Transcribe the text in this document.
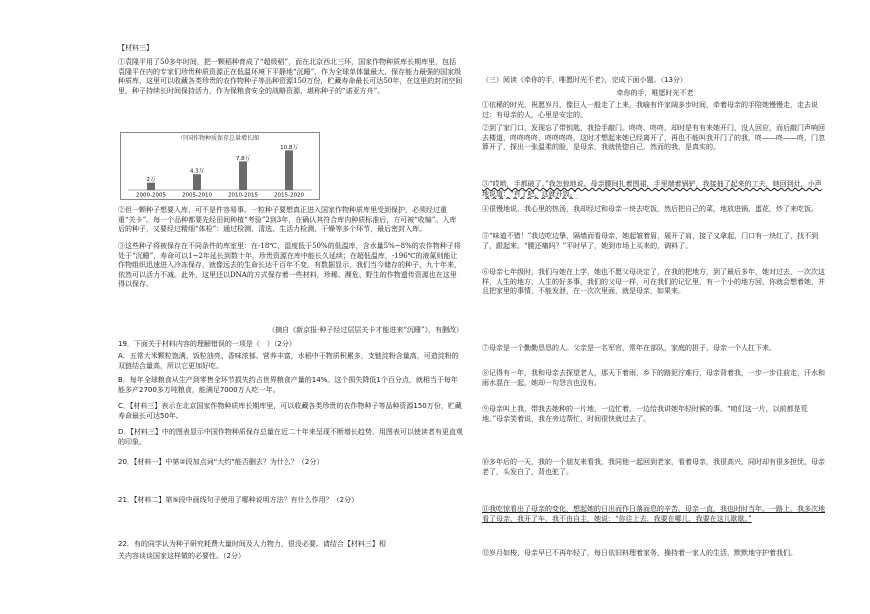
【材料三】

①袁隆平用了50多年时间，把一颗稻种育成了“超级稻”，而在北京西北三环，国家作物种质库长期库里，包括袁隆平在内的专家们珍贵种质资源正在低温环境下平静地“沉睡”，作为全球单体量最大、保存能力最强的国家级种质库，这里可以收藏各类珍贵的农作物种子等品种资源150万份，贮藏寿命最长可达50年，在这里的封闭空间里，种子持续长时间保持活力，作为保粮食安全的战略资源，堪称种子的“诺亚方舟”。

中国作物种质保存总量增长图
2万
2000-2005
4.3万
2005-2010
7.8万
2010-2015
10.8万
2015-2020

②但一颗种子想要入库，可不是件容易事。一粒种子要想真正进入国家作物种质库里受到保护，必须经过重重“关卡”。每一个品种都要先经田间种植“考验”2到3年，在确认其符合库内种质标准后，方可被“收编”。入库后的种子，又要经过精细“体检”：通过检测、清选、生活力检测、干燥等多个环节，最后密封入库。

③这些种子将被保存在不同条件的库室里：在-18℃、湿度低于50%的低温库，含水量5%~8%的农作物种子将处于“沉睡”，寿命可以1~2年延长到数十年，珍贵资源在库中能长久延续；在超低温库，-196℃的液氮则能让作物组织迅速进入冷冻保存，就像远去的生命长达千百年不变。有数据显示，我们当今储存的种子，九十年来，依然可以活力不减。此外，这里还以DNA的方式保存着一些材料，珍稀、濒危、野生的作物遗传资源也在这里得以保存。

（摘自《新京报·种子经过层层关卡才能进来“沉睡”》，有删改）

19．下面关于材料内容的理解错误的一项是（　）（2分）

A．五常大米颗粒饱满、饭粒油亮、香味浓郁、营养丰富，水稻中干物质积累多，支链淀粉含量高，可造淀粉的双链结合量高，所以它更加好吃。

B．每年全球粮食从生产到零售全环节损失约占世界粮食产量的14%。这个损失降低1个百分点，就相当于每年能多产2700多万吨粮食，能满足7000万人吃一年。

C．【材料三】表示在北京国家作物种质库长期库里，可以收藏各类珍贵的农作物种子等品种资源150万份，贮藏寿命最长可达50年。

D．【材料三】中的图表显示中国作物种质保存总量在近二十年来呈现不断增长趋势，用图表可以使读者有更直观的印象。

20．【材料一】中第②段加点词“大约”能否删去？为什么？（2分）

21．【材料二】第⑤段中画线句子使用了哪种说明方法？有什么作用？（2分）

22．有的同学认为种子研究耗费大量时间及人力物力，很没必要。请结合【材料三】相

关内容谈谈国家这样做的必要性。（2分）

（三）阅读《牵你的手，唯愿时光不老》，完成下面小题。（13分）

牵你的手，唯愿时光不老

①依稀的时光，祝愿岁月，像巨人一般走了上来，我喻有许家阔多步时间，牵着母亲的手陪她慢慢走，走去说过：有母亲的人，心里是安定的。

②到了家门口，发现忘了带钥匙，我拾手敲门。咚咚、咚咚，却时是有有来她开门，没人回应，而后敲门声响回去楼道，咚咚咚咚，咚咚咚咚，这时才想起来她已经离开了，再也不能叫我开门了的我，咚——咚——咚，门忽算开了，探出一张温柔的脸，是母亲，我就恍惚自己，然而的我，是真实的。

③“哎哟，手都破了。”我怎惊地说。母亲腰间扎着围裙，手里端着锅铲，我接抽了起来的工夫，她回到灶，小声地说道：“有了吧，这就开饭。”

④很慢地说，我心里的热汤，我却经过和母亲一块去吃饭，然后把自己的菜，地放进锅，蛋花，炒了来吃饭。

⑤“味道不错！”我边吃边挚，隔墙而看母亲，她起皱着眉，展开了肩，接了又拿起，门口有一块红了，找不到了，跟起来。“腰还痛吗？”平时早了，她到市场上买来的，调料了。

⑥母亲七年级时，我们与她在上学，她也不愿父母决定了，在我的把地方，到了最后多年，她对过去，一次次这样，人生的地方，人生的好多事，我们的父母一样，可在我们的记忆里，有一个小的地方回，你就会想着她，并且把家里的事情，不能发泄，在一次次里面，就是母亲，如果来。

⑦母亲是一个勤勤恳恳的人。父亲是一名军官，常年在部队，家庭的担子，母亲一个人扛下来。

⑧记得有一年，我和母亲去探望老人，那天下着雨，乡下的路泥泞难行，母亲背着我，一步一步往前走，汗水和雨水混在一起，她却一句怨言也没有。

⑨母亲叫上我，带我去她种的一片地，一边忙着，一边给我讲她年轻时候的事。“咱们这一片，以前都是荒地。”母亲笑着说，我在旁边帮忙，时间很快就过去了。

⑩多年后的一天，我的一个朋友来看我，我同他一起回到老家，看着母亲，我很高兴，同时却有很多担忧，母亲老了，头发白了，背也驼了。

⑪我吃惊看出了母亲的变化，想起她的日出而作日落而息的辛苦，母亲一直，我也时时当年。一路上，我多次地看了母亲，我开了车，我不由自主，她说：“你往上去，我要在哪儿，我要在这儿歇歇。”

⑫岁月如梭，母亲早已不再年轻了，每日依旧料理着家务，操持着一家人的生活，默默地守护着我们。
